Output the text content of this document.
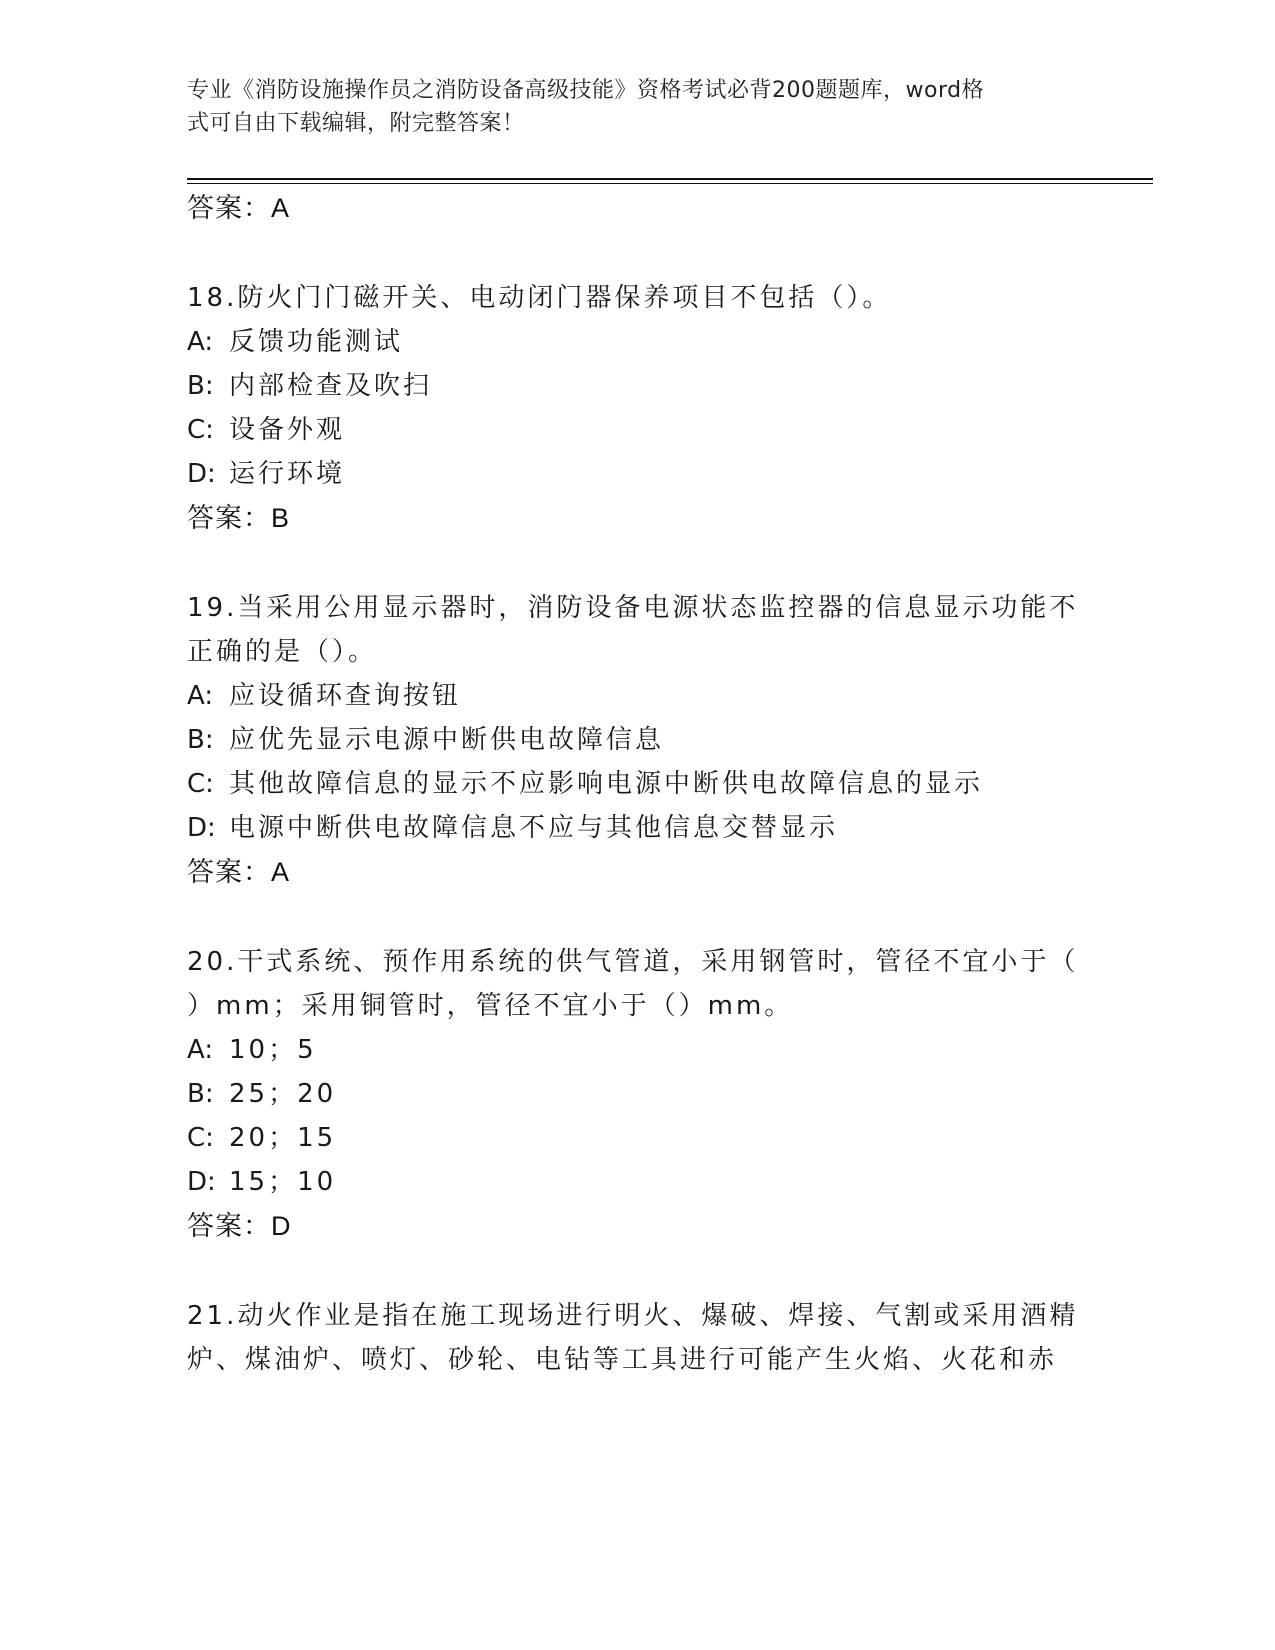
专业《消防设施操作员之消防设备高级技能》资格考试必背200题题库，word格
式可自由下载编辑，附完整答案！
答案：A
18.防火门门磁开关、电动闭门器保养项目不包括（）。
A: 反馈功能测试
B: 内部检查及吹扫
C: 设备外观
D: 运行环境
答案：B
19.当采用公用显示器时，消防设备电源状态监控器的信息显示功能不
正确的是（）。
A: 应设循环查询按钮
B: 应优先显示电源中断供电故障信息
C: 其他故障信息的显示不应影响电源中断供电故障信息的显示
D: 电源中断供电故障信息不应与其他信息交替显示
答案：A
20.干式系统、预作用系统的供气管道，采用钢管时，管径不宜小于（
）mm；采用铜管时，管径不宜小于（）mm。
A: 10；5
B: 25；20
C: 20；15
D: 15；10
答案：D
21.动火作业是指在施工现场进行明火、爆破、焊接、气割或采用酒精
炉、煤油炉、喷灯、砂轮、电钻等工具进行可能产生火焰、火花和赤
